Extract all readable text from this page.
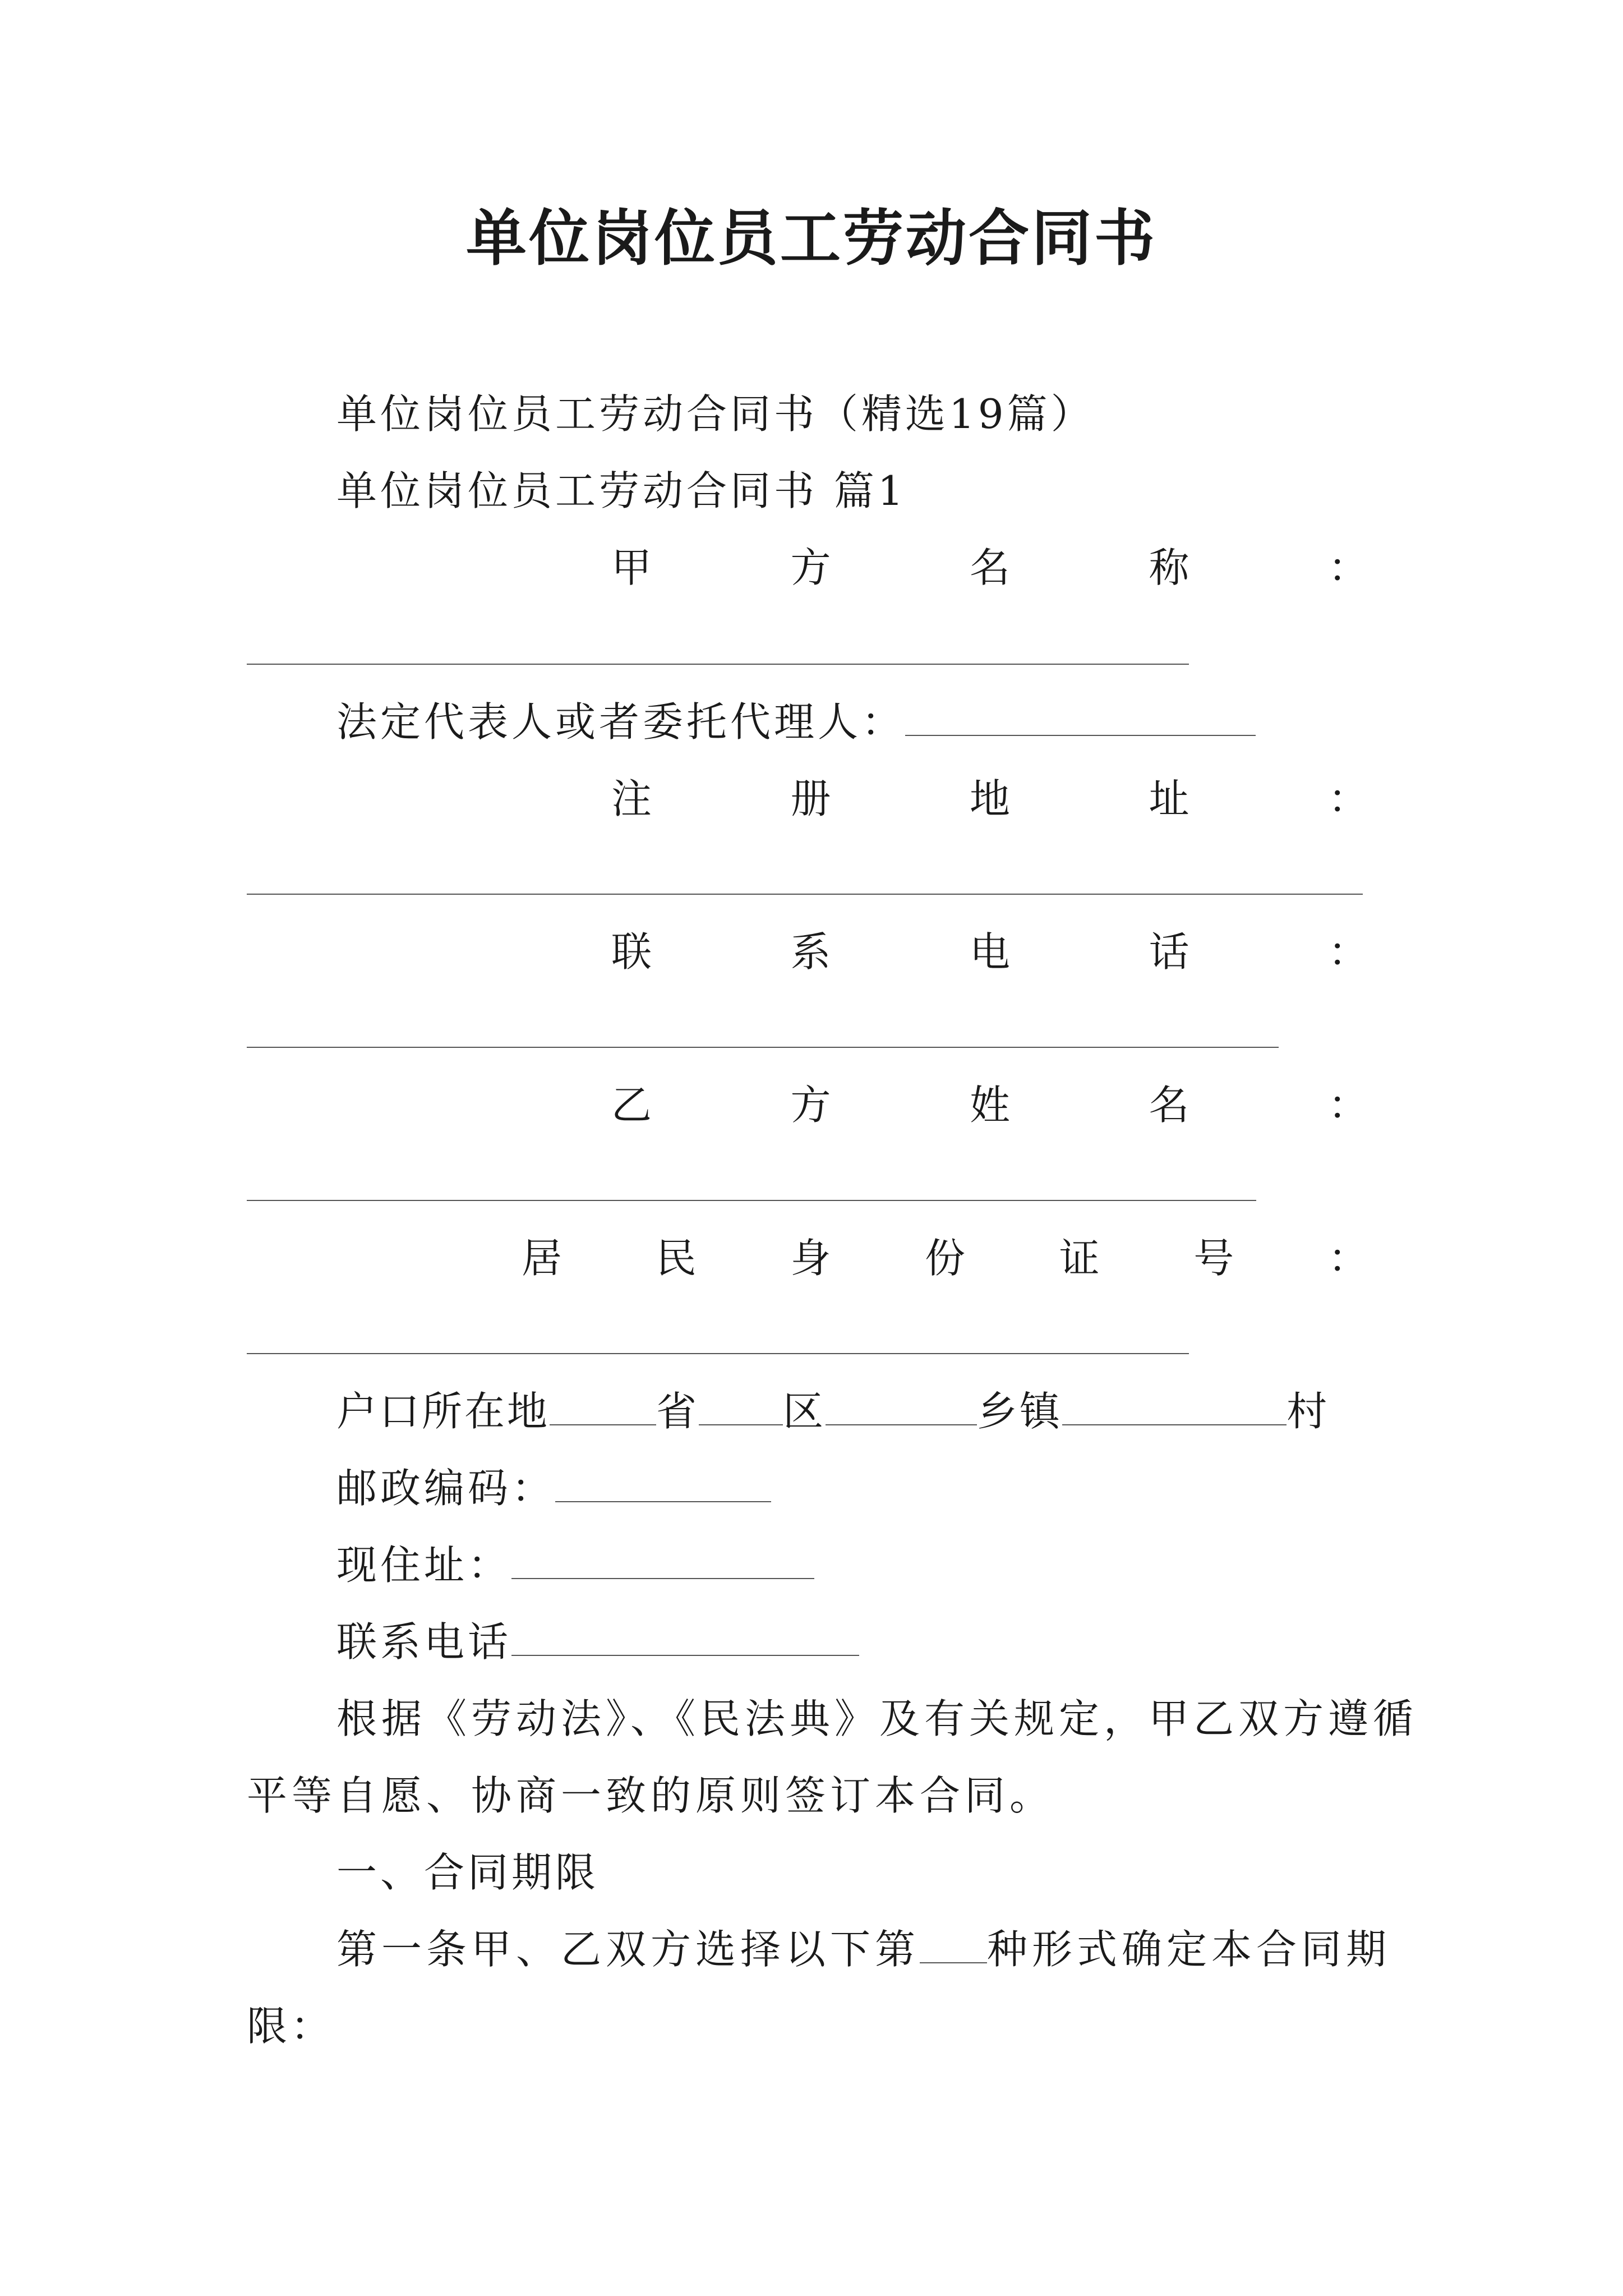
单位岗位员工劳动合同书
单位岗位员工劳动合同书（精选19篇）
单位岗位员工劳动合同书 篇1
甲	方	名	称	：
法定代表人或者委托代理人：
注	册	地	址	：
联	系	电	话	：
乙	方	姓	名	：
居 民 身 份 证 号 ：
户口所在地	省 区	乡镇	村
邮政编码：
现住址：
联系电话
根据《劳动法》、《民法典》及有关规定，甲乙双方遵循
平等自愿、协商一致的原则签订本合同。
一、合同期限
第一条甲、乙双方选择以下第 种形式确定本合同期
限：
